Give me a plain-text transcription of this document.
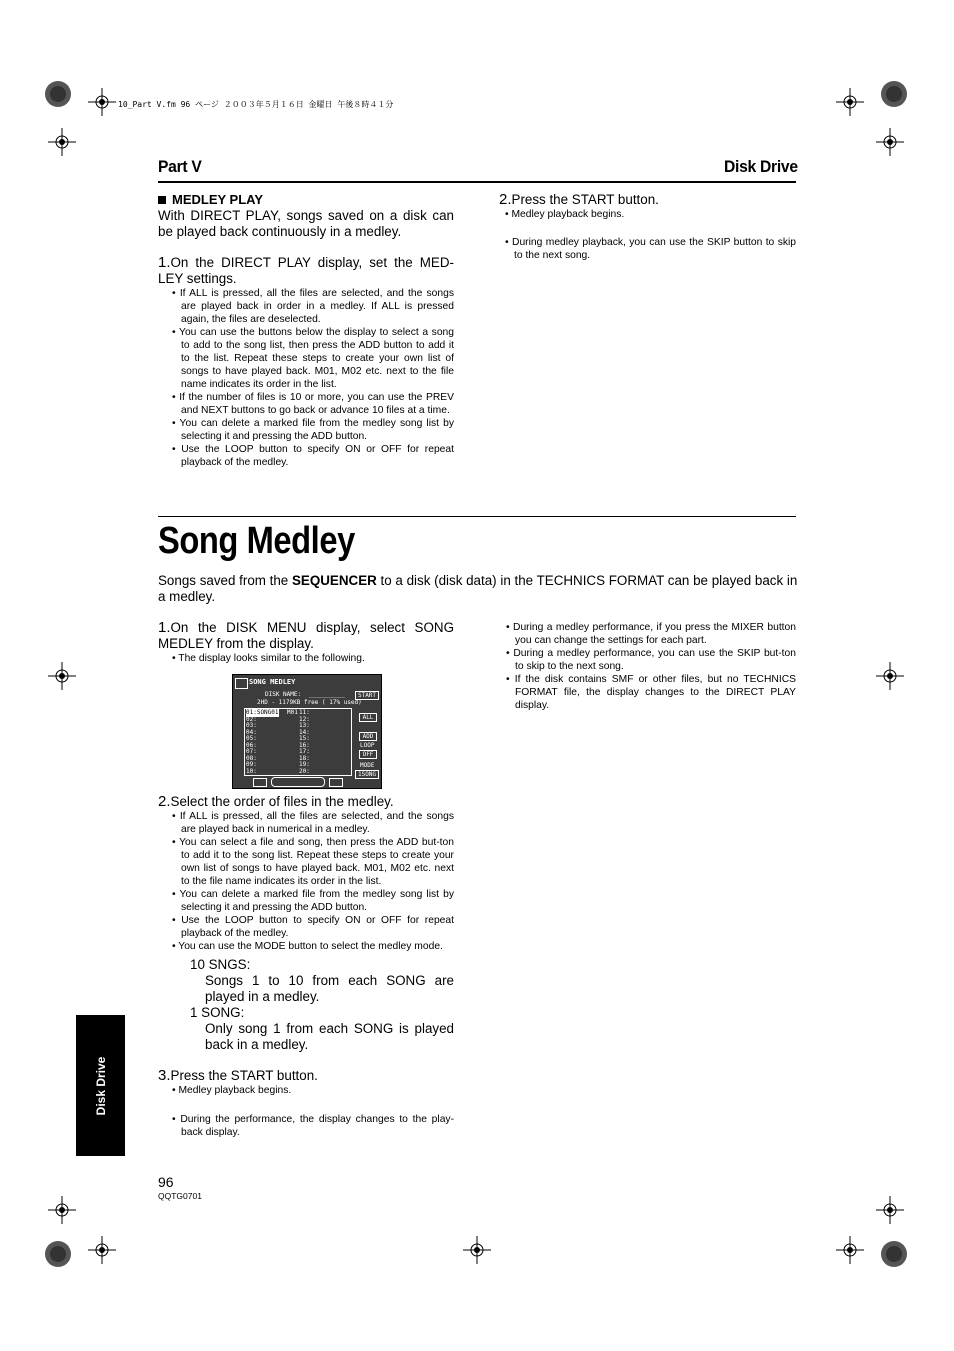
10_Part V.fm 96 ページ ２００３年５月１６日 金曜日 午後８時４１分
Part V	Disk Drive

MEDLEY PLAY

With DIRECT PLAY, songs saved on a disk can be played back continuously in a medley.

1.On the DIRECT PLAY display, set the MED-LEY settings.

• If ALL is pressed, all the files are selected, and the songs are played back in order in a medley. If ALL is pressed again, the files are deselected.

• You can use the buttons below the display to select a song to add to the song list, then press the ADD button to add it to the list. Repeat these steps to create your own list of songs to have played back. M01, M02 etc. next to the file name indicates its order in the list.

• If the number of files is 10 or more, you can use the PREV and NEXT buttons to go back or advance 10 files at a time.

• You can delete a marked file from the medley song list by selecting it and pressing the ADD button.

• Use the LOOP button to specify ON or OFF for repeat playback of the medley.

2.Press the START button.

• Medley playback begins.

• During medley playback, you can use the SKIP button to skip to the next song.

Song Medley
Songs saved from the SEQUENCER to a disk (disk data) in the TECHNICS FORMAT can be played back in a medley.

1.On the DISK MENU display, select SONG MEDLEY from the display.

• The display looks similar to the following.

SONG MEDLEY
DISK NAME: __________
2HD - 1179KB free ( 17% used)
01:SONG01 M01
02:
03:
04:
05:
06:
07:
08:
09:
10:
11:
12:
13:
14:
15:
16:
17:
18:
19:
20:
START
ALL
ADD
LOOP
OFF
MODE
1SONG

2.Select the order of files in the medley.

• If ALL is pressed, all the files are selected, and the songs are played back in numerical in a medley.

• You can select a file and song, then press the ADD but-ton to add it to the song list. Repeat these steps to create your own list of songs to have played back. M01, M02 etc. next to the file name indicates its order in the list.

• You can delete a marked file from the medley song list by selecting it and pressing the ADD button.

• Use the LOOP button to specify ON or OFF for repeat playback of the medley.

• You can use the MODE button to select the medley mode.

10 SNGS:

Songs 1 to 10 from each SONG are played in a medley.

1 SONG:

Only song 1 from each SONG is played back in a medley.

3.Press the START button.

• Medley playback begins.

• During the performance, the display changes to the play-back display.

• During a medley performance, if you press the MIXER button you can change the settings for each part.

• During a medley performance, you can use the SKIP but-ton to skip to the next song.

• If the disk contains SMF or other files, but no TECHNICS FORMAT file, the display changes to the DIRECT PLAY display.

Disk Drive
96
QQTG0701
